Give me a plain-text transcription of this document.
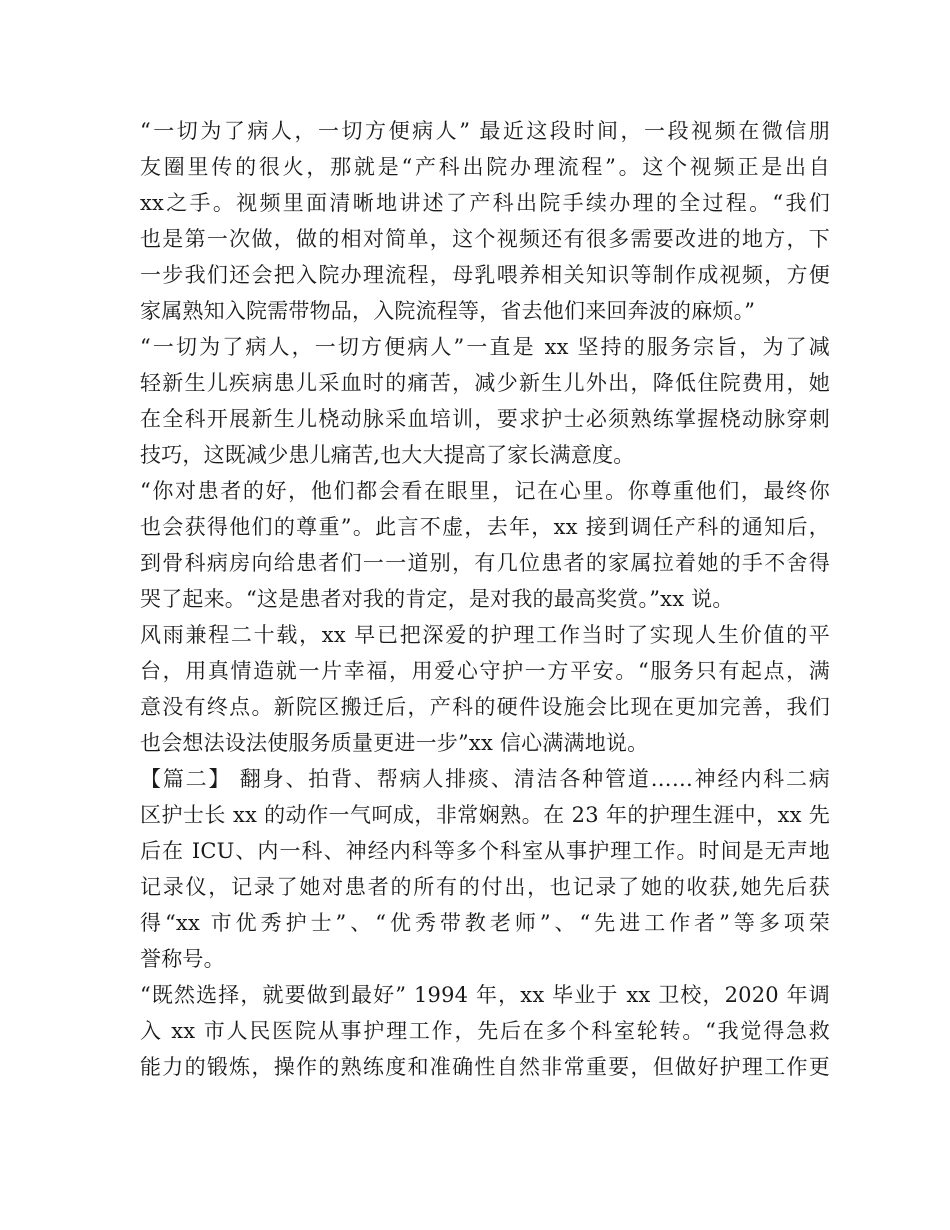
“一切为了病人，一切方便病人” 最近这段时间，一段视频在微信朋
友圈里传的很火，那就是“产科出院办理流程”。这个视频正是出自
xx之手。视频里面清晰地讲述了产科出院手续办理的全过程。“我们
也是第一次做，做的相对简单，这个视频还有很多需要改进的地方，下
一步我们还会把入院办理流程，母乳喂养相关知识等制作成视频，方便
家属熟知入院需带物品，入院流程等，省去他们来回奔波的麻烦。”
“一切为了病人，一切方便病人”一直是 xx 坚持的服务宗旨，为了减
轻新生儿疾病患儿采血时的痛苦，减少新生儿外出，降低住院费用，她
在全科开展新生儿桡动脉采血培训，要求护士必须熟练掌握桡动脉穿刺
技巧，这既减少患儿痛苦,也大大提高了家长满意度。
“你对患者的好，他们都会看在眼里，记在心里。你尊重他们，最终你
也会获得他们的尊重”。此言不虚，去年，xx 接到调任产科的通知后，
到骨科病房向给患者们一一道别，有几位患者的家属拉着她的手不舍得
哭了起来。“这是患者对我的肯定，是对我的最高奖赏。”xx 说。
风雨兼程二十载，xx 早已把深爱的护理工作当时了实现人生价值的平
台，用真情造就一片幸福，用爱心守护一方平安。“服务只有起点，满
意没有终点。新院区搬迁后，产科的硬件设施会比现在更加完善，我们
也会想法设法使服务质量更进一步”xx 信心满满地说。
【篇二】 翻身、拍背、帮病人排痰、清洁各种管道……神经内科二病
区护士长 xx 的动作一气呵成，非常娴熟。在 23 年的护理生涯中，xx 先
后在 ICU、内一科、神经内科等多个科室从事护理工作。时间是无声地
记录仪，记录了她对患者的所有的付出，也记录了她的收获,她先后获
得“xx 市优秀护士”、“优秀带教老师”、“先进工作者”等多项荣
誉称号。
“既然选择，就要做到最好” 1994 年，xx 毕业于 xx 卫校，2020 年调
入 xx 市人民医院从事护理工作，先后在多个科室轮转。“我觉得急救
能力的锻炼，操作的熟练度和准确性自然非常重要，但做好护理工作更
